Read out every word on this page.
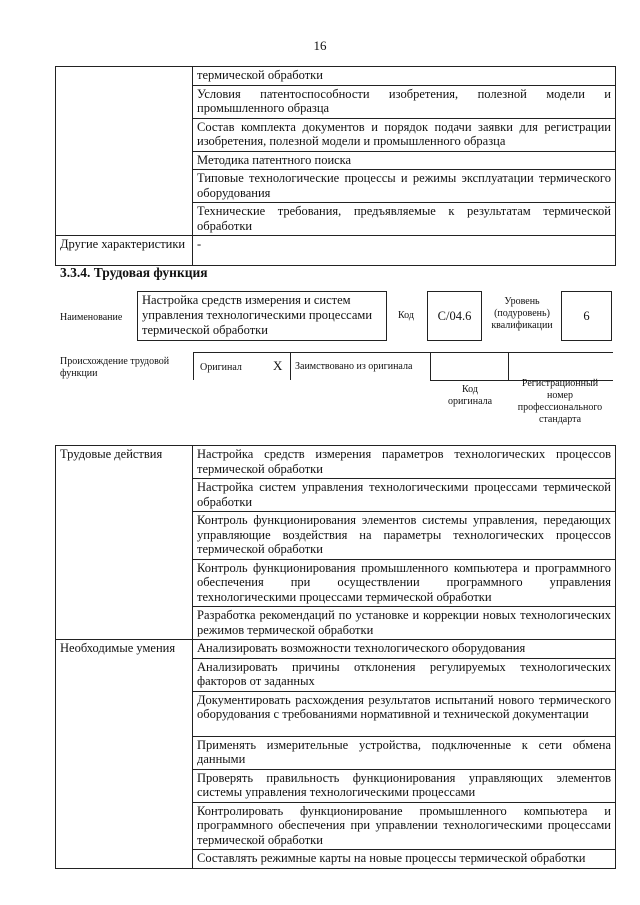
16
	термической обработки
	Условия патентоспособности изобретения, полезной модели и промышленного образца
	Состав комплекта документов и порядок подачи заявки для регистрации изобретения, полезной модели и промышленного образца
	Методика патентного поиска
	Типовые технологические процессы и режимы эксплуатации термического оборудования
	Технические требования, предъявляемые к результатам термической обработки
Другие характеристики	-
3.3.4. Трудовая функция
Наименование
Настройка средств измерения и систем управления технологическими процессами термической обработки
Код	C/04.6
Уровень (подуровень) квалификации
6
Происхождение трудовой функции
Оригинал X Заимствовано из оригинала
Код оригинала
Регистрационный номер профессионального стандарта
Трудовые действия	Настройка средств измерения параметров технологических процессов термической обработки
	Настройка систем управления технологическими процессами термической обработки
	Контроль функционирования элементов системы управления, передающих управляющие воздействия на параметры технологических процессов термической обработки
	Контроль функционирования промышленного компьютера и программного обеспечения при осуществлении программного управления технологическими процессами термической обработки
	Разработка рекомендаций по установке и коррекции новых технологических режимов термической обработки
Необходимые умения	Анализировать возможности технологического оборудования
	Анализировать причины отклонения регулируемых технологических факторов от заданных
	Документировать расхождения результатов испытаний нового термического оборудования с требованиями нормативной и технической документации
	Применять измерительные устройства, подключенные к сети обмена данными
	Проверять правильность функционирования управляющих элементов системы управления технологическими процессами
	Контролировать функционирование промышленного компьютера и программного обеспечения при управлении технологическими процессами термической обработки
	Составлять режимные карты на новые процессы термической обработки
